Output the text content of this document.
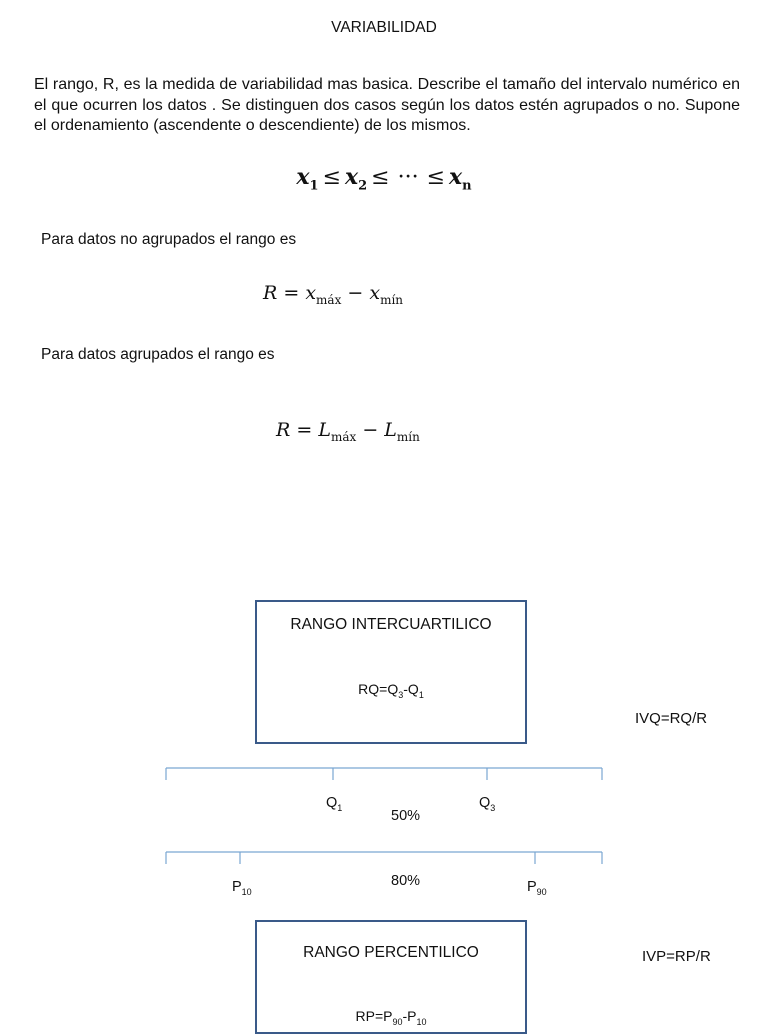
VARIABILIDAD
El rango, R, es la medida de variabilidad mas basica. Describe el tamaño del intervalo numérico en el que ocurren los datos . Se distinguen dos casos según los datos estén agrupados o no. Supone el ordenamiento (ascendente o descendiente) de los mismos.
$x_1 \le x_2$ ≤ ··· ≤ $x_n$
Para datos no agrupados el rango es
$R = x_{máx} - x_{mín}$
Para datos agrupados el rango es
$R = L_{máx} - L_{mín}$
RANGO INTERCUARTILICO
$RQ=Q_3-Q_1$
IVQ=RQ/R
$Q_1$	$Q_3$
50%
$P_{10}$	$P_{90}$
80%
RANGO PERCENTILICO
$RP=P_{90}-P_{10}$
IVP=RP/R
